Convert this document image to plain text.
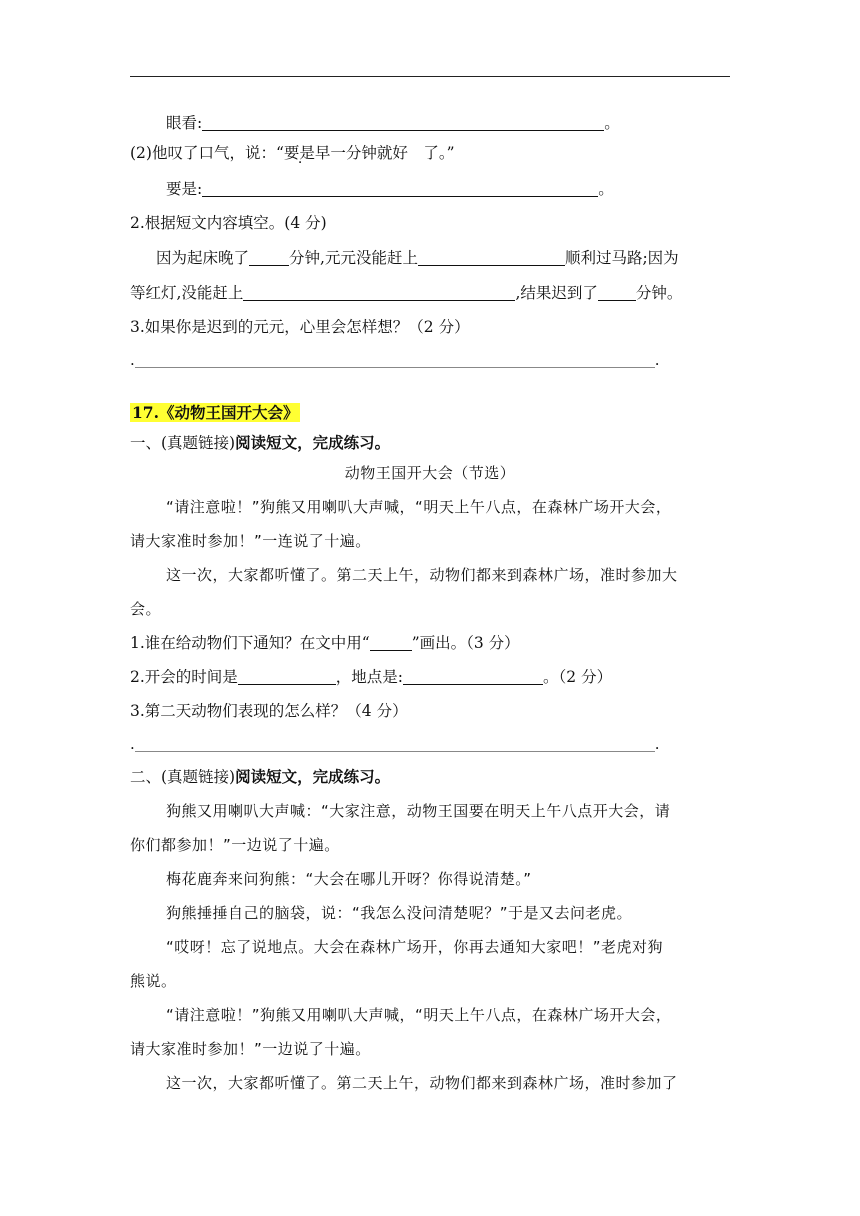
眼看:	。
(2)他叹了口气，说：“要是早一分钟就好　了。”
要是:	。
2.根据短文内容填空。(4 分)
因为起床晚了	分钟,元元没能赶上	顺利过马路;因为
等红灯,没能赶上	,结果迟到了 分钟。
3.如果你是迟到的元元，心里会怎样想？（2 分）
.	.
17.《动物王国开大会》
一、(真题链接)阅读短文，完成练习。
动物王国开大会（节选）
“请注意啦！”狗熊又用喇叭大声喊，“明天上午八点，在森林广场开大会，
请大家准时参加！”一连说了十遍。
这一次，大家都听懂了。第二天上午，动物们都来到森林广场，准时参加大
会。
1.谁在给动物们下通知？在文中用“	”画出。（3 分）
2.开会的时间是	，地点是:	。（2 分）
3.第二天动物们表现的怎么样？（4 分）
.	.
二、(真题链接)阅读短文，完成练习。
狗熊又用喇叭大声喊：“大家注意，动物王国要在明天上午八点开大会，请
你们都参加！”一边说了十遍。
梅花鹿奔来问狗熊：“大会在哪儿开呀？你得说清楚。”
狗熊捶捶自己的脑袋，说：“我怎么没问清楚呢？”于是又去问老虎。
“哎呀！忘了说地点。大会在森林广场开，你再去通知大家吧！”老虎对狗
熊说。
“请注意啦！”狗熊又用喇叭大声喊，“明天上午八点，在森林广场开大会，
请大家准时参加！”一边说了十遍。
这一次，大家都听懂了。第二天上午，动物们都来到森林广场，准时参加了
